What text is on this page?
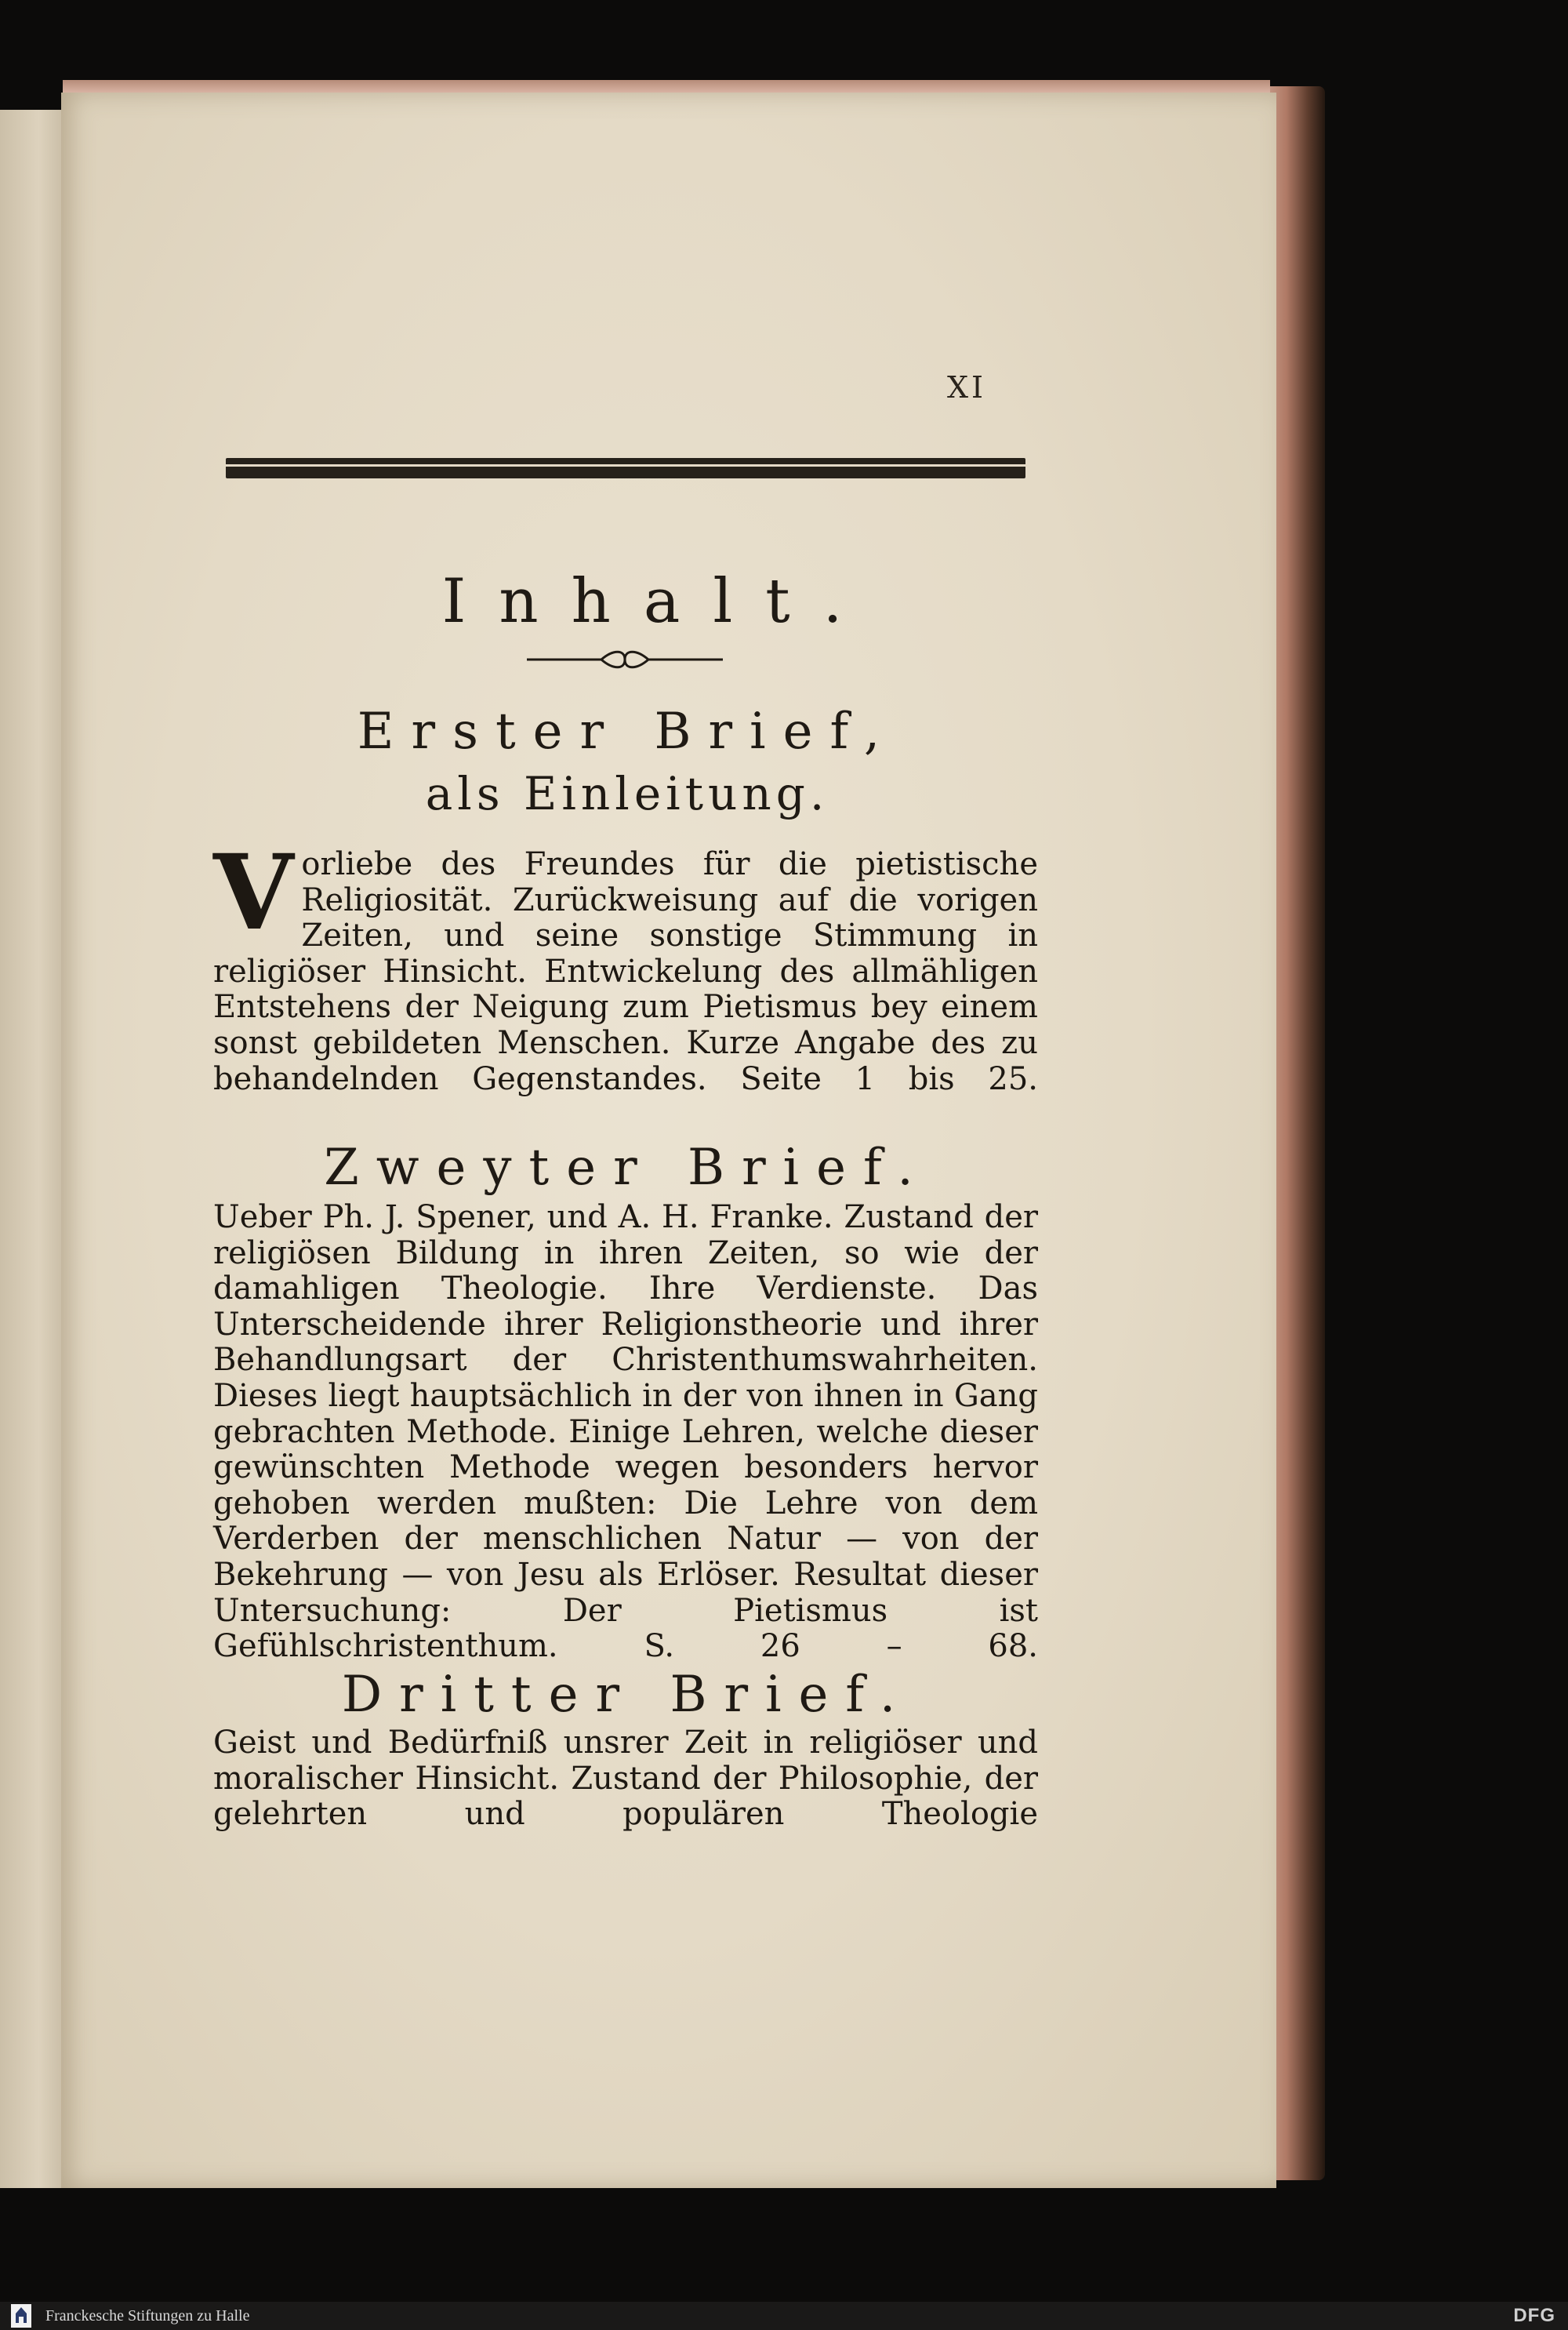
XI
Inhalt.
Erster Brief,
als Einleitung.

Vorliebe des Freundes für die pietistische Religiosität. Zurückweisung auf die vorigen Zeiten, und seine sonstige Stimmung in religiöser Hinsicht. Entwickelung des allmähligen Entstehens der Neigung zum Pietismus bey einem sonst gebildeten Menschen. Kurze Angabe des zu behandelnden Gegenstandes. Seite 1 bis 25.

Zweyter Brief.

Ueber Ph. J. Spener, und A. H. Franke. Zustand der religiösen Bildung in ihren Zeiten, so wie der damahligen Theologie. Ihre Verdienste. Das Unterscheidende ihrer Religionstheorie und ihrer Behandlungsart der Christenthumswahrheiten. Dieses liegt hauptsächlich in der von ihnen in Gang gebrachten Methode. Einige Lehren, welche dieser gewünschten Methode wegen besonders hervor gehoben werden mußten: Die Lehre von dem Verderben der menschlichen Natur — von der Bekehrung — von Jesu als Erlöser. Resultat dieser Untersuchung: Der Pietismus ist Gefühlschristenthum.	S. 26 – 68.

Dritter Brief.

Geist und Bedürfniß unsrer Zeit in religiöser und moralischer Hinsicht. Zustand der Philosophie, der gelehrten und populären Theologie

Franckesche Stiftungen zu Halle	DFG
